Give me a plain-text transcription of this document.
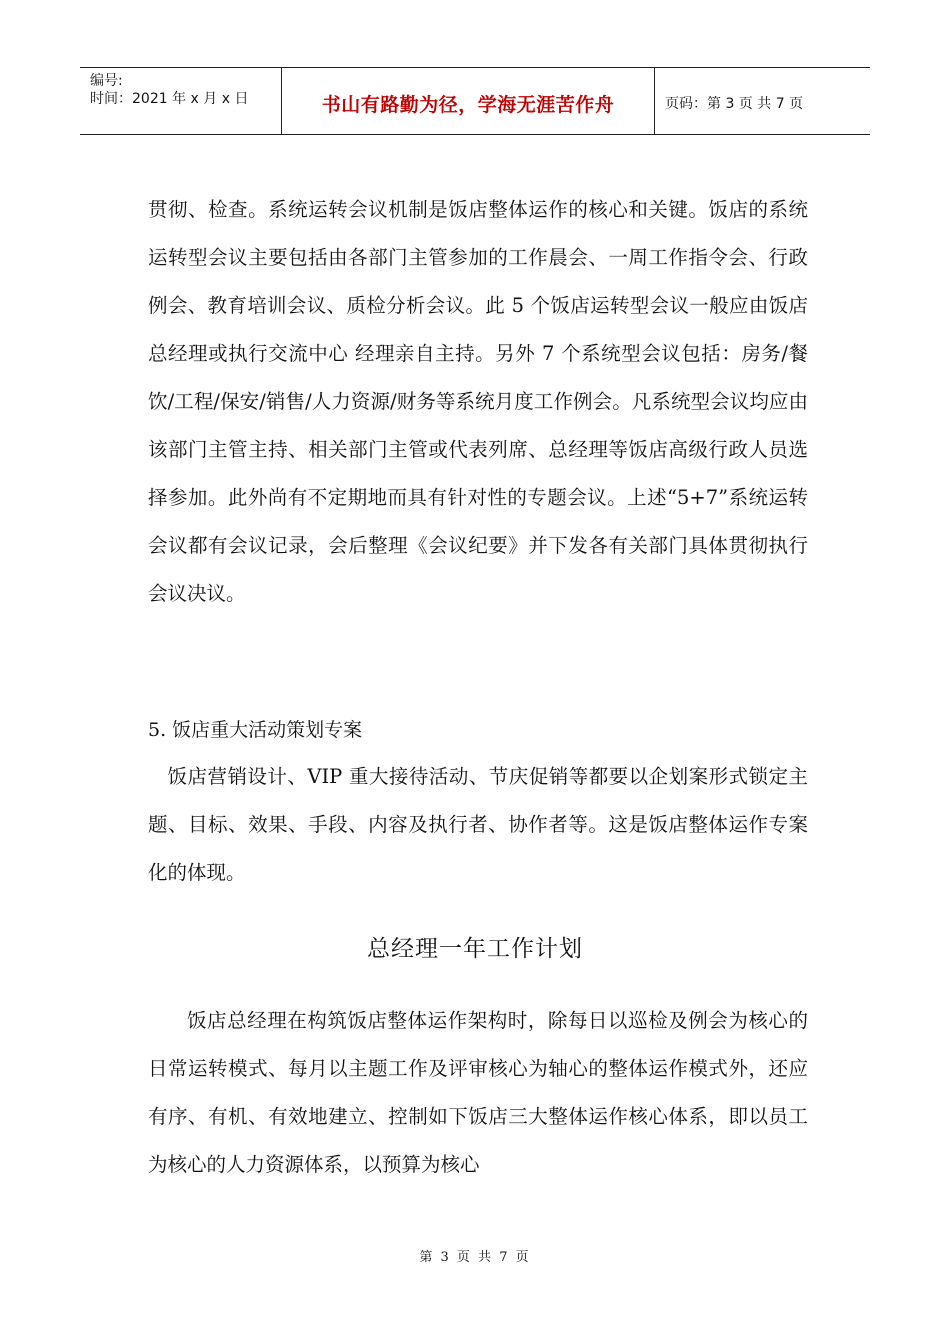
编号:
时间：2021 年 x 月 x 日	书山有路勤为径，学海无涯苦作舟	页码：第 3 页 共 7 页

贯彻、检查。系统运转会议机制是饭店整体运作的核心和关键。饭店的系统运转型会议主要包括由各部门主管参加的工作晨会、一周工作指令会、行政例会、教育培训会议、质检分析会议。此 5 个饭店运转型会议一般应由饭店总经理或执行交流中心 经理亲自主持。另外 7 个系统型会议包括：房务/餐饮/工程/保安/销售/人力资源/财务等系统月度工作例会。凡系统型会议均应由该部门主管主持、相关部门主管或代表列席、总经理等饭店高级行政人员选择参加。此外尚有不定期地而具有针对性的专题会议。上述“5+7”系统运转会议都有会议记录，会后整理《会议纪要》并下发各有关部门具体贯彻执行会议决议。

5. 饭店重大活动策划专案

饭店营销设计、VIP 重大接待活动、节庆促销等都要以企划案形式锁定主题、目标、效果、手段、内容及执行者、协作者等。这是饭店整体运作专案化的体现。

总经理一年工作计划

饭店总经理在构筑饭店整体运作架构时，除每日以巡检及例会为核心的日常运转模式、每月以主题工作及评审核心为轴心的整体运作模式外，还应有序、有机、有效地建立、控制如下饭店三大整体运作核心体系，即以员工为核心的人力资源体系，以预算为核心

第 3 页 共 7 页
